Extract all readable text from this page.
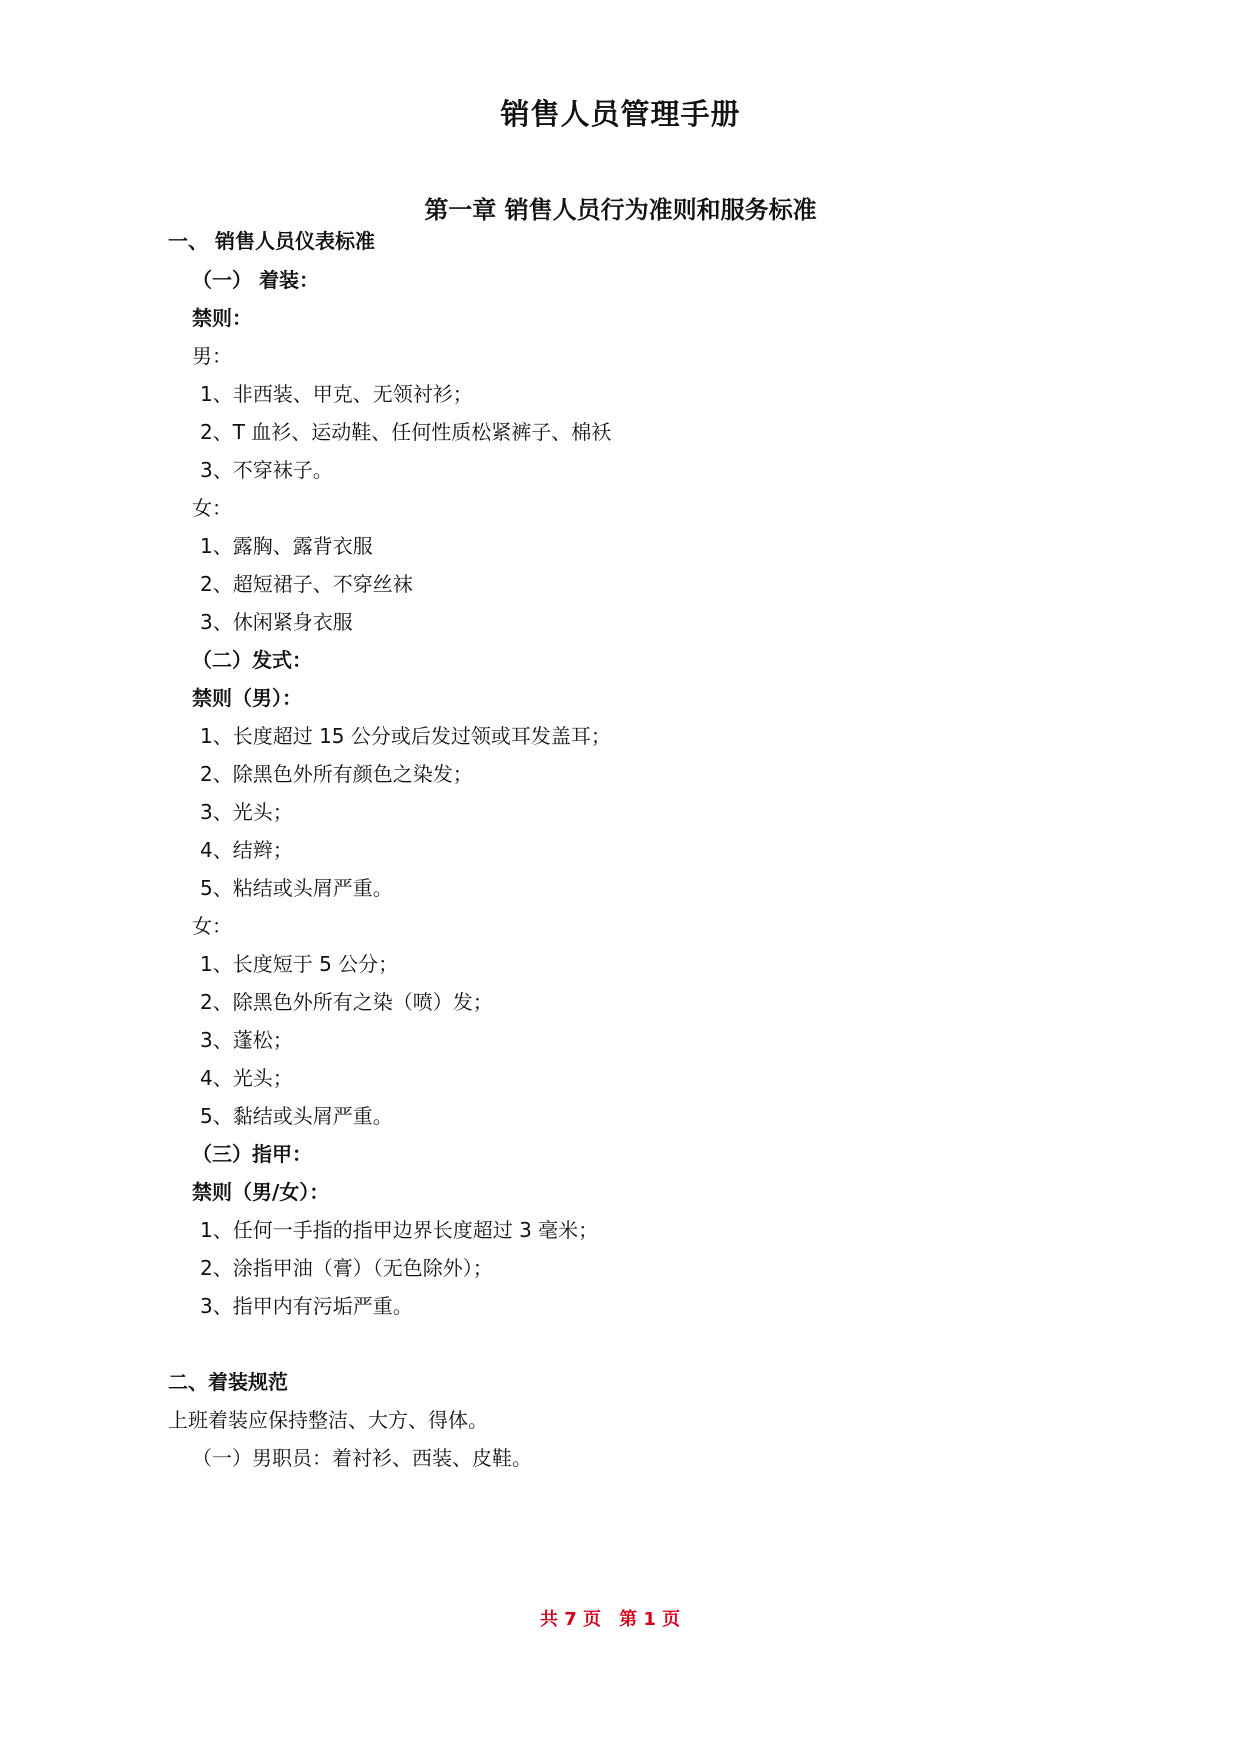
销售人员管理手册
第一章 销售人员行为准则和服务标准
一、 销售人员仪表标准
（一） 着装：
禁则：
男：
1、非西装、甲克、无领衬衫；
2、T 血衫、运动鞋、任何性质松紧裤子、棉袄
3、不穿袜子。
女：
1、露胸、露背衣服
2、超短裙子、不穿丝袜
3、休闲紧身衣服
（二）发式：
禁则（男）：
1、长度超过 15 公分或后发过领或耳发盖耳；
2、除黑色外所有颜色之染发；
3、光头；
4、结辫；
5、粘结或头屑严重。
女：
1、长度短于 5 公分；
2、除黑色外所有之染（喷）发；
3、蓬松；
4、光头；
5、黏结或头屑严重。
（三）指甲：
禁则（男/女）：
1、任何一手指的指甲边界长度超过 3 毫米；
2、涂指甲油（膏）（无色除外）；
3、指甲内有污垢严重。
二、着装规范
上班着装应保持整洁、大方、得体。
（一）男职员：着衬衫、西装、皮鞋。
共 7 页 第 1 页
